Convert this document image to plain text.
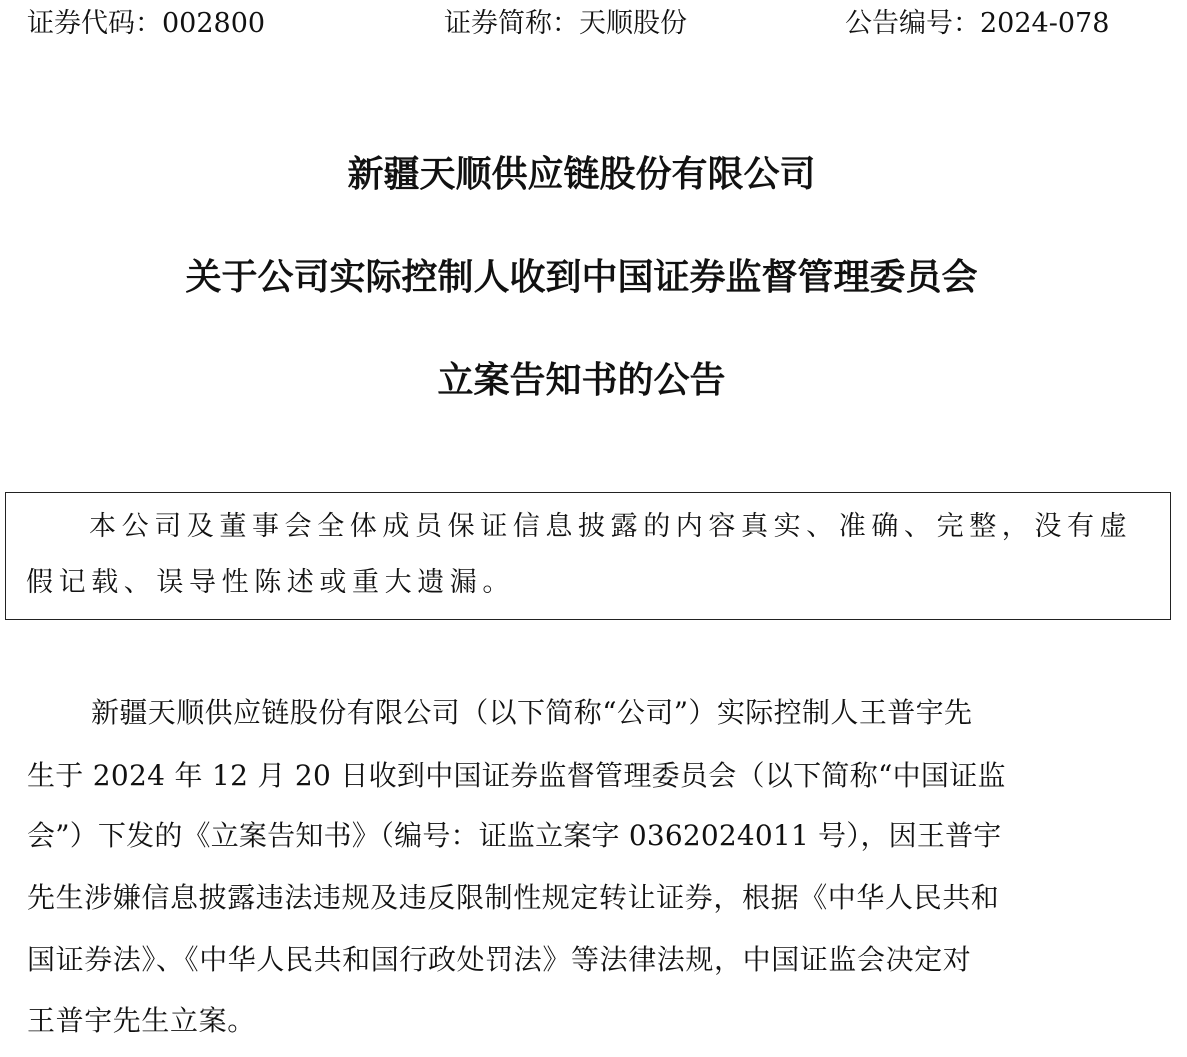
证券代码：002800	证券简称：天顺股份	公告编号：2024-078
新疆天顺供应链股份有限公司
关于公司实际控制人收到中国证券监督管理委员会
立案告知书的公告
本公司及董事会全体成员保证信息披露的内容真实、准确、完整，没有虚
假记载、误导性陈述或重大遗漏。
新疆天顺供应链股份有限公司（以下简称“公司”）实际控制人王普宇先
生于 2024 年 12 月 20 日收到中国证券监督管理委员会（以下简称“中国证监
会”）下发的《立案告知书》（编号：证监立案字 0362024011 号），因王普宇
先生涉嫌信息披露违法违规及违反限制性规定转让证券，根据《中华人民共和
国证券法》、《中华人民共和国行政处罚法》等法律法规，中国证监会决定对
王普宇先生立案。
